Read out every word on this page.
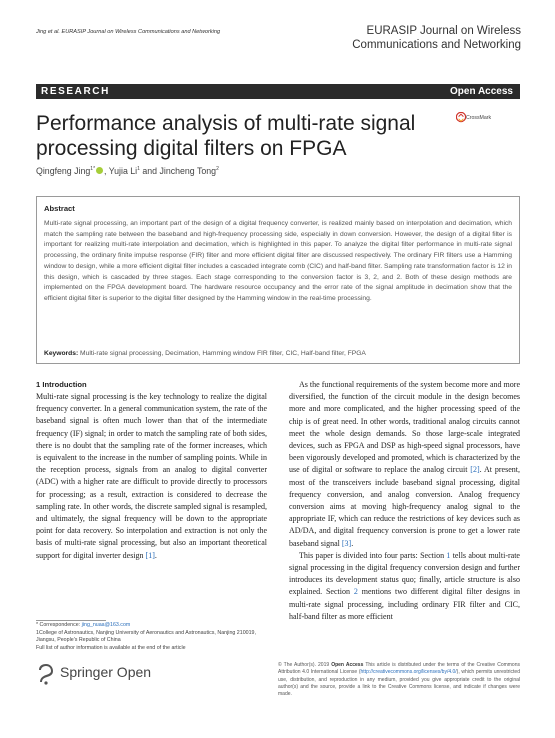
Jing et al. EURASIP Journal on Wireless Communications and Networking	EURASIP Journal on Wireless
Communications and Networking
RESEARCH	Open Access
Performance analysis of multi-rate signal
processing digital filters on FPGA
CrossMark
Qingfeng Jing$^{1*}$ , Yujia Li$^1$ and Jincheng Tong$^2$
Abstract
Multi-rate signal processing, an important part of the design of a digital frequency converter, is realized mainly based on interpolation and decimation, which match the sampling rate between the baseband and high-frequency processing side, especially in down conversion. However, the design of a digital filter is important for realizing multi-rate interpolation and decimation, which is highlighted in this paper. To analyze the digital filter performance in multi-rate signal processing, the ordinary finite impulse response (FIR) filter and more efficient digital filter are discussed respectively. The ordinary FIR filters use a Hamming window to design, while a more efficient digital filter includes a cascaded integrate comb (CIC) and half-band filter. Sampling rate transformation factor is 12 in this design, which is cascaded by three stages. Each stage corresponding to the conversion factor is 3, 2, and 2. Both of these design methods are implemented on the FPGA development board. The hardware resource occupancy and the error rate of the signal amplitude in decimation show that the efficient digital filter is superior to the digital filter designed by the Hamming window in the real-time processing.
Keywords: Multi-rate signal processing, Decimation, Hamming window FIR filter, CIC, Half-band filter, FPGA
1 Introduction

Multi-rate signal processing is the key technology to realize the digital frequency converter. In a general communication system, the rate of the baseband signal is often much lower than that of the intermediate frequency (IF) signal; in order to match the sampling rate of both sides, there is no doubt that the sampling rate of the former increases, which is equivalent to the increase in the number of sampling points. While in the reception process, signals from an analog to digital converter (ADC) with a higher rate are difficult to provide directly to processors for processing; as a result, extraction is considered to decrease the sampling rate. In other words, the discrete sampled signal is resampled, and ultimately, the signal frequency will be down to the appropriate point for data recovery. So interpolation and extraction is not only the basis of multi-rate signal processing, but also an important theoretical support for digital inverter design [1].

As the functional requirements of the system become more and more diversified, the function of the circuit module in the design becomes more and more complicated, and the higher processing speed of the chip is of great need. In other words, traditional analog circuits cannot meet the whole design demands. So those large-scale integrated devices, such as FPGA and DSP as high-speed signal processors, have been vigorously developed and promoted, which is characterized by the use of digital or software to replace the analog circuit [2]. At present, most of the transceivers include baseband signal processing, digital frequency conversion, and analog conversion. Analog frequency conversion aims at moving high-frequency analog signal to the appropriate IF, which can reduce the restrictions of key devices such as AD/DA, and digital frequency conversion is prone to get a lower rate baseband signal [3].

This paper is divided into four parts: Section 1 tells about multi-rate signal processing in the digital frequency conversion design and further introduces its development status quo; finally, article structure is also explained. Section 2 mentions two different digital filter designs in multi-rate signal processing, including ordinary FIR filter and CIC, half-band filter as more efficient

* Correspondence: jing_nuaa@163.com
1College of Astronautics, Nanjing University of Aeronautics and Astronautics, Nanjing 210019, Jiangsu, People's Republic of China
Full list of author information is available at the end of the article
Springer Open	© The Author(s). 2019 Open Access This article is distributed under the terms of the Creative Commons Attribution 4.0 International License (http://creativecommons.org/licenses/by/4.0/), which permits unrestricted use, distribution, and reproduction in any medium, provided you give appropriate credit to the original author(s) and the source, provide a link to the Creative Commons license, and indicate if changes were made.
